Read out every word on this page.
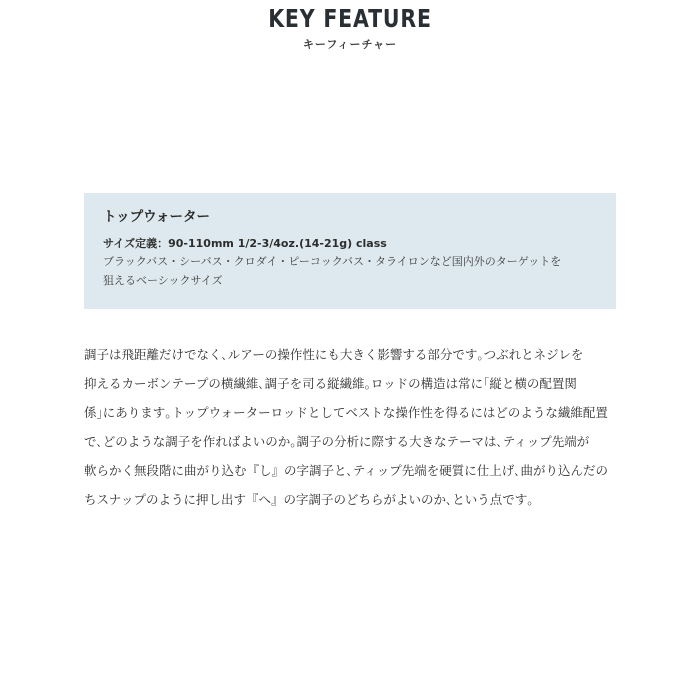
KEY FEATURE
キーフィーチャー
トップウォーター
サイズ定義：90-110mm 1/2-3/4oz.(14-21g) class
ブラックバス・シーバス・クロダイ・ピーコックバス・タライロンなど国内外のターゲットを
狙えるベーシックサイズ
調子は飛距離だけでなく､ルアーの操作性にも大きく影響する部分です｡つぶれとネジレを
抑えるカーボンテープの横繊維､調子を司る縦繊維｡ロッドの構造は常に｢縦と横の配置関
係｣にあります｡トップウォーターロッドとしてベストな操作性を得るにはどのような繊維配置
で､どのような調子を作ればよいのか｡調子の分析に際する大きなテーマは､ティップ先端が
軟らかく無段階に曲がり込む『し』の字調子と､ティップ先端を硬質に仕上げ､曲がり込んだの
ちスナップのように押し出す『へ』の字調子のどちらがよいのか､という点です｡
